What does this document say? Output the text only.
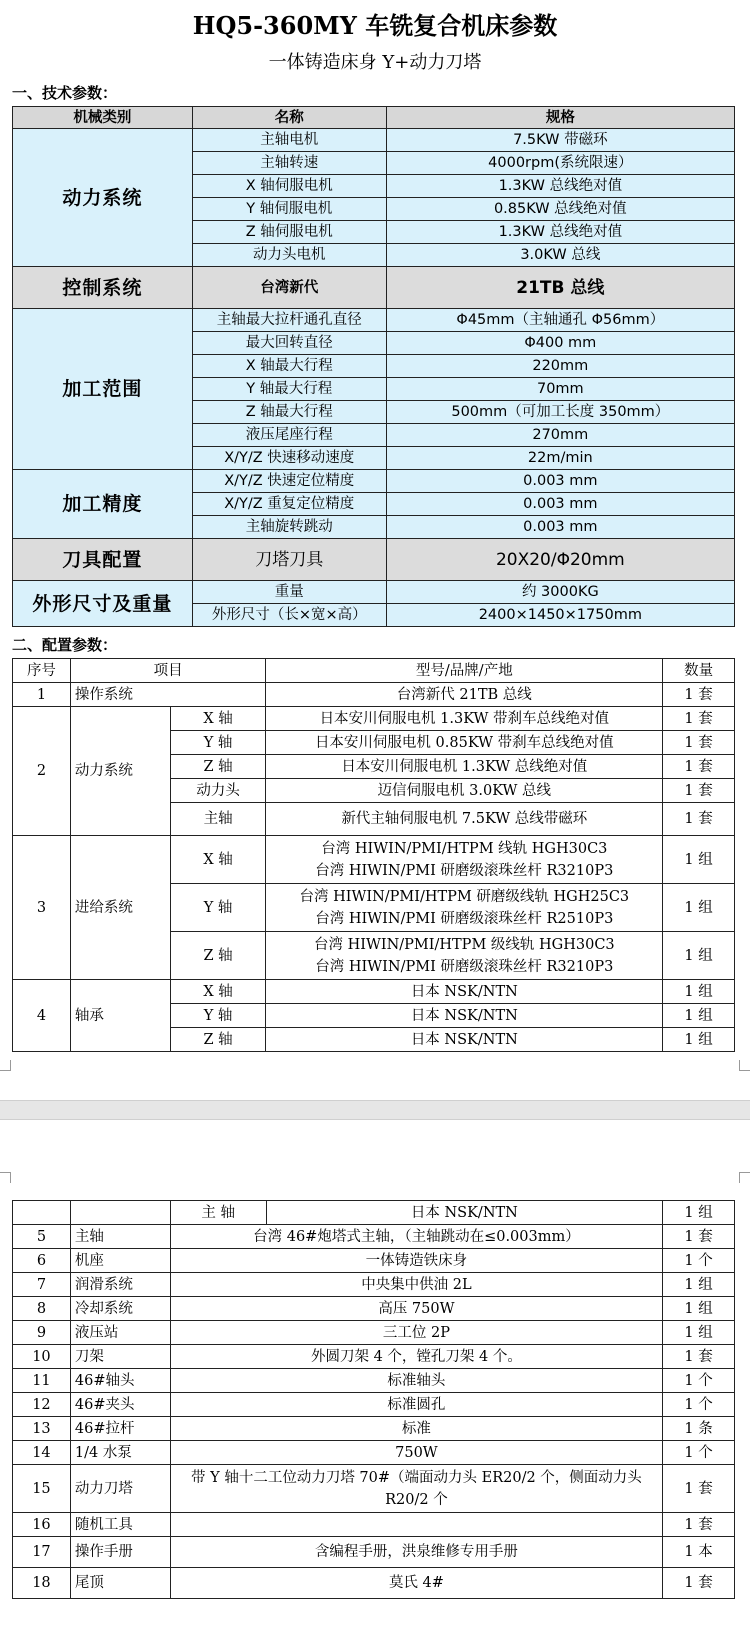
HQ5-360MY 车铣复合机床参数
一体铸造床身 Y+动力刀塔
一、技术参数：
机械类别	名称	规格
动力系统	主轴电机	7.5KW 带磁环
	主轴转速	4000rpm(系统限速）
	X 轴伺服电机	1.3KW 总线绝对值
	Y 轴伺服电机	0.85KW 总线绝对值
	Z 轴伺服电机	1.3KW 总线绝对值
	动力头电机	3.0KW 总线
控制系统	台湾新代	21TB 总线
加工范围	主轴最大拉杆通孔直径	Φ45mm（主轴通孔 Φ56mm）
	最大回转直径	Φ400 mm
	X 轴最大行程	220mm
	Y 轴最大行程	70mm
	Z 轴最大行程	500mm（可加工长度 350mm）
	液压尾座行程	270mm
	X/Y/Z 快速移动速度	22m/min
加工精度	X/Y/Z 快速定位精度	0.003 mm
	X/Y/Z 重复定位精度	0.003 mm
	主轴旋转跳动	0.003 mm
刀具配置	刀塔刀具	20X20/Φ20mm
外形尺寸及重量	重量	约 3000KG
	外形尺寸（长×宽×高）	2400×1450×1750mm
二、配置参数：
序号	项目		型号/品牌/产地	数量
1	操作系统		台湾新代 21TB 总线	1 套
2	动力系统	X 轴	日本安川伺服电机 1.3KW 带刹车总线绝对值	1 套
		Y 轴	日本安川伺服电机 0.85KW 带刹车总线绝对值	1 套
		Z 轴	日本安川伺服电机 1.3KW 总线绝对值	1 套
		动力头	迈信伺服电机 3.0KW 总线	1 套
		主轴	新代主轴伺服电机 7.5KW 总线带磁环	1 套
3	进给系统	X 轴	台湾 HIWIN/PMI/HTPM 线轨 HGH30C3
台湾 HIWIN/PMI 研磨级滚珠丝杆 R3210P3	1 组
		Y 轴	台湾 HIWIN/PMI/HTPM 研磨级线轨 HGH25C3
台湾 HIWIN/PMI 研磨级滚珠丝杆 R2510P3	1 组
		Z 轴	台湾 HIWIN/PMI/HTPM 级线轨 HGH30C3
台湾 HIWIN/PMI 研磨级滚珠丝杆 R3210P3	1 组
4	轴承	X 轴	日本 NSK/NTN	1 组
		Y 轴	日本 NSK/NTN	1 组
		Z 轴	日本 NSK/NTN	1 组
		主 轴	日本 NSK/NTN	1 组
5	主轴	台湾 46#炮塔式主轴，（主轴跳动在≤0.003mm）		1 套
6	机座	一体铸造铁床身		1 个
7	润滑系统	中央集中供油 2L		1 组
8	冷却系统	高压 750W		1 组
9	液压站	三工位 2P		1 组
10	刀架	外圆刀架 4 个，镗孔刀架 4 个。		1 套
11	46#轴头	标准轴头		1 个
12	46#夹头	标准圆孔		1 个
13	46#拉杆	标准		1 条
14	1/4 水泵	750W		1 个
15	动力刀塔	带 Y 轴十二工位动力刀塔 70#（端面动力头 ER20/2 个，侧面动力头 R20/2 个		1 套
16	随机工具			1 套
17	操作手册	含编程手册，洪泉维修专用手册		1 本
18	尾顶	莫氏 4#		1 套
